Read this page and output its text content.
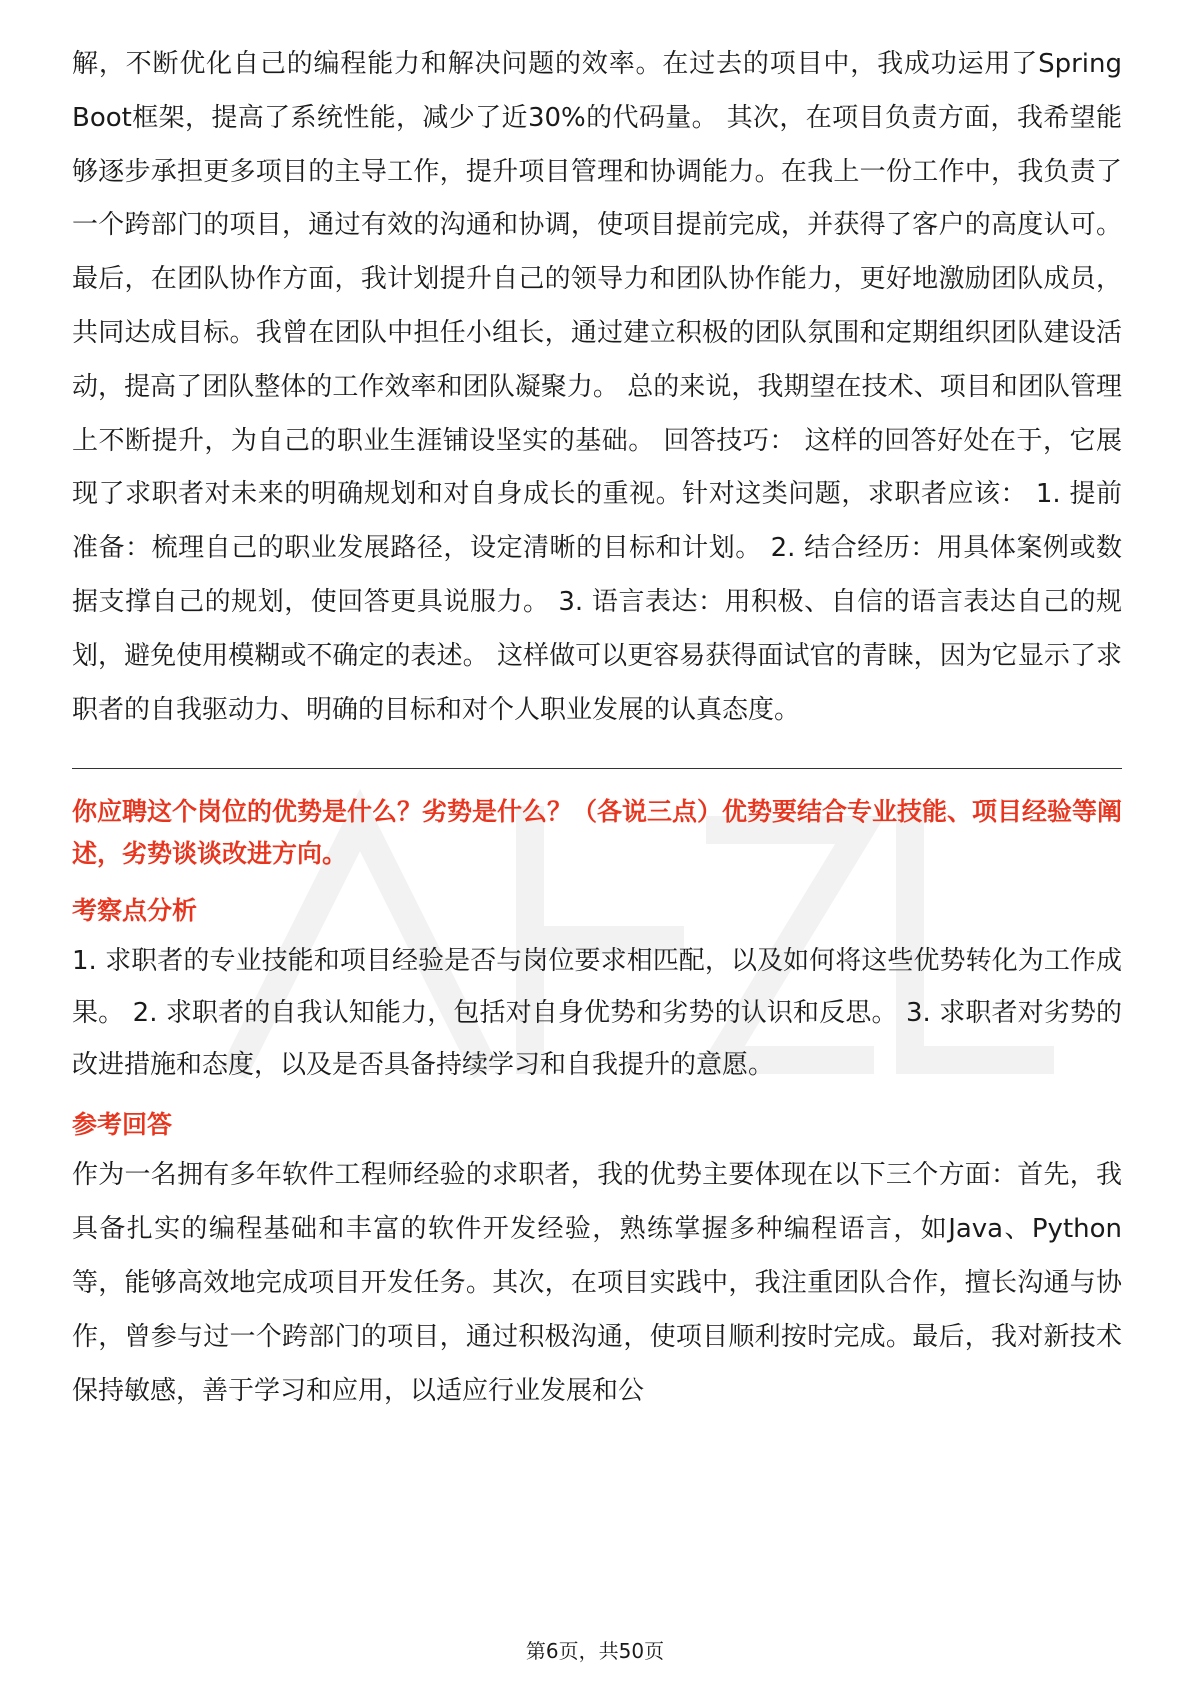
解，不断优化自己的编程能力和解决问题的效率。在过去的项目中，我成功运用了Spring Boot框架，提高了系统性能，减少了近30%的代码量。 其次，在项目负责方面，我希望能够逐步承担更多项目的主导工作，提升项目管理和协调能力。在我上一份工作中，我负责了一个跨部门的项目，通过有效的沟通和协调，使项目提前完成，并获得了客户的高度认可。 最后，在团队协作方面，我计划提升自己的领导力和团队协作能力，更好地激励团队成员，共同达成目标。我曾在团队中担任小组长，通过建立积极的团队氛围和定期组织团队建设活动，提高了团队整体的工作效率和团队凝聚力。 总的来说，我期望在技术、项目和团队管理上不断提升，为自己的职业生涯铺设坚实的基础。 回答技巧： 这样的回答好处在于，它展现了求职者对未来的明确规划和对自身成长的重视。针对这类问题，求职者应该： 1. 提前准备：梳理自己的职业发展路径，设定清晰的目标和计划。 2. 结合经历：用具体案例或数据支撑自己的规划，使回答更具说服力。 3. 语言表达：用积极、自信的语言表达自己的规划，避免使用模糊或不确定的表述。 这样做可以更容易获得面试官的青睐，因为它显示了求职者的自我驱动力、明确的目标和对个人职业发展的认真态度。

你应聘这个岗位的优势是什么？劣势是什么？（各说三点）优势要结合专业技能、项目经验等阐述，劣势谈谈改进方向。

考察点分析

1. 求职者的专业技能和项目经验是否与岗位要求相匹配，以及如何将这些优势转化为工作成果。 2. 求职者的自我认知能力，包括对自身优势和劣势的认识和反思。 3. 求职者对劣势的改进措施和态度，以及是否具备持续学习和自我提升的意愿。

参考回答

作为一名拥有多年软件工程师经验的求职者，我的优势主要体现在以下三个方面：首先，我具备扎实的编程基础和丰富的软件开发经验，熟练掌握多种编程语言，如Java、Python等，能够高效地完成项目开发任务。其次，在项目实践中，我注重团队合作，擅长沟通与协作，曾参与过一个跨部门的项目，通过积极沟通，使项目顺利按时完成。最后，我对新技术保持敏感，善于学习和应用，以适应行业发展和公

第6页，共50页
